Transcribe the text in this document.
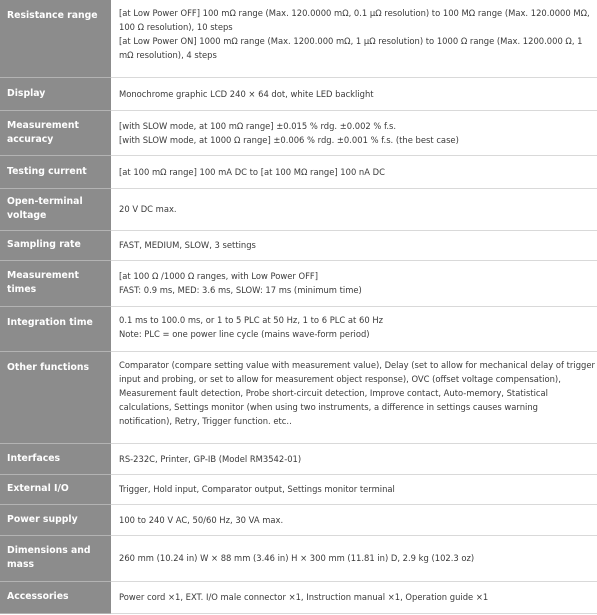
Resistance range	[at Low Power OFF] 100 mΩ range (Max. 120.0000 mΩ, 0.1 μΩ resolution) to 100 MΩ range (Max. 120.0000 MΩ,
100 Ω resolution), 10 steps
[at Low Power ON] 1000 mΩ range (Max. 1200.000 mΩ, 1 μΩ resolution) to 1000 Ω range (Max. 1200.000 Ω, 1
mΩ resolution), 4 steps

Display	Monochrome graphic LCD 240 × 64 dot, white LED backlight

Measurement accuracy	[with SLOW mode, at 100 mΩ range] ±0.015 % rdg. ±0.002 % f.s.
[with SLOW mode, at 1000 Ω range] ±0.006 % rdg. ±0.001 % f.s. (the best case)

Testing current	[at 100 mΩ range] 100 mA DC to [at 100 MΩ range] 100 nA DC

Open-terminal voltage	20 V DC max.

Sampling rate	FAST, MEDIUM, SLOW, 3 settings

Measurement times	[at 100 Ω /1000 Ω ranges, with Low Power OFF]
FAST: 0.9 ms, MED: 3.6 ms, SLOW: 17 ms (minimum time)

Integration time	0.1 ms to 100.0 ms, or 1 to 5 PLC at 50 Hz, 1 to 6 PLC at 60 Hz
Note: PLC = one power line cycle (mains wave-form period)

Other functions	Comparator (compare setting value with measurement value), Delay (set to allow for mechanical delay of trigger
input and probing, or set to allow for measurement object response), OVC (offset voltage compensation),
Measurement fault detection, Probe short-circuit detection, Improve contact, Auto-memory, Statistical
calculations, Settings monitor (when using two instruments, a difference in settings causes warning
notification), Retry, Trigger function. etc..

Interfaces	RS-232C, Printer, GP-IB (Model RM3542-01)

External I/O	Trigger, Hold input, Comparator output, Settings monitor terminal

Power supply	100 to 240 V AC, 50/60 Hz, 30 VA max.

Dimensions and mass	260 mm (10.24 in) W × 88 mm (3.46 in) H × 300 mm (11.81 in) D, 2.9 kg (102.3 oz)

Accessories	Power cord ×1, EXT. I/O male connector ×1, Instruction manual ×1, Operation guide ×1
